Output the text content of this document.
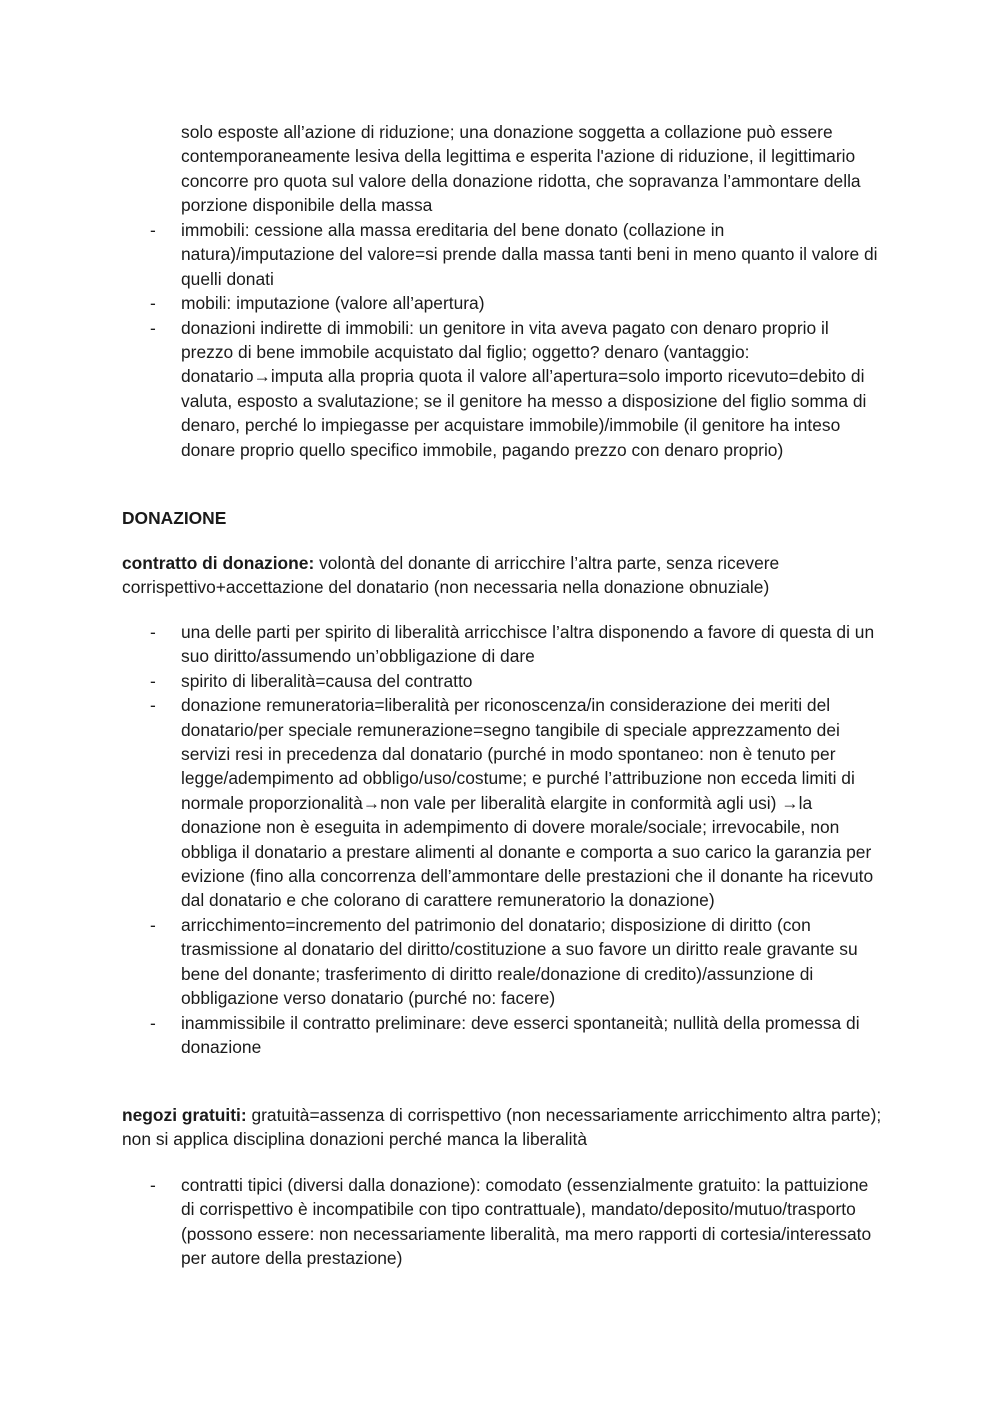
solo esposte all’azione di riduzione; una donazione soggetta a collazione può essere contemporaneamente lesiva della legittima e esperita l'azione di riduzione, il legittimario concorre pro quota sul valore della donazione ridotta, che sopravanza l’ammontare della porzione disponibile della massa

- immobili: cessione alla massa ereditaria del bene donato (collazione in natura)/imputazione del valore=si prende dalla massa tanti beni in meno quanto il valore di quelli donati
- mobili: imputazione (valore all’apertura)
- donazioni indirette di immobili: un genitore in vita aveva pagato con denaro proprio il prezzo di bene immobile acquistato dal figlio; oggetto? denaro (vantaggio: donatario→imputa alla propria quota il valore all’apertura=solo importo ricevuto=debito di valuta, esposto a svalutazione; se il genitore ha messo a disposizione del figlio somma di denaro, perché lo impiegasse per acquistare immobile)/immobile (il genitore ha inteso donare proprio quello specifico immobile, pagando prezzo con denaro proprio)
DONAZIONE

contratto di donazione: volontà del donante di arricchire l’altra parte, senza ricevere corrispettivo+accettazione del donatario (non necessaria nella donazione obnuziale)

- una delle parti per spirito di liberalità arricchisce l’altra disponendo a favore di questa di un suo diritto/assumendo un’obbligazione di dare
- spirito di liberalità=causa del contratto
- donazione remuneratoria=liberalità per riconoscenza/in considerazione dei meriti del donatario/per speciale remunerazione=segno tangibile di speciale apprezzamento dei servizi resi in precedenza dal donatario (purché in modo spontaneo: non è tenuto per legge/adempimento ad obbligo/uso/costume; e purché l’attribuzione non ecceda limiti di normale proporzionalità→non vale per liberalità elargite in conformità agli usi) →la donazione non è eseguita in adempimento di dovere morale/sociale; irrevocabile, non obbliga il donatario a prestare alimenti al donante e comporta a suo carico la garanzia per evizione (fino alla concorrenza dell’ammontare delle prestazioni che il donante ha ricevuto dal donatario e che colorano di carattere remuneratorio la donazione)
- arricchimento=incremento del patrimonio del donatario; disposizione di diritto (con trasmissione al donatario del diritto/costituzione a suo favore un diritto reale gravante su bene del donante; trasferimento di diritto reale/donazione di credito)/assunzione di obbligazione verso donatario (purché no: facere)
- inammissibile il contratto preliminare: deve esserci spontaneità; nullità della promessa di donazione

negozi gratuiti: gratuità=assenza di corrispettivo (non necessariamente arricchimento altra parte); non si applica disciplina donazioni perché manca la liberalità

- contratti tipici (diversi dalla donazione): comodato (essenzialmente gratuito: la pattuizione di corrispettivo è incompatibile con tipo contrattuale), mandato/deposito/mutuo/trasporto (possono essere: non necessariamente liberalità, ma mero rapporti di cortesia/interessato per autore della prestazione)
